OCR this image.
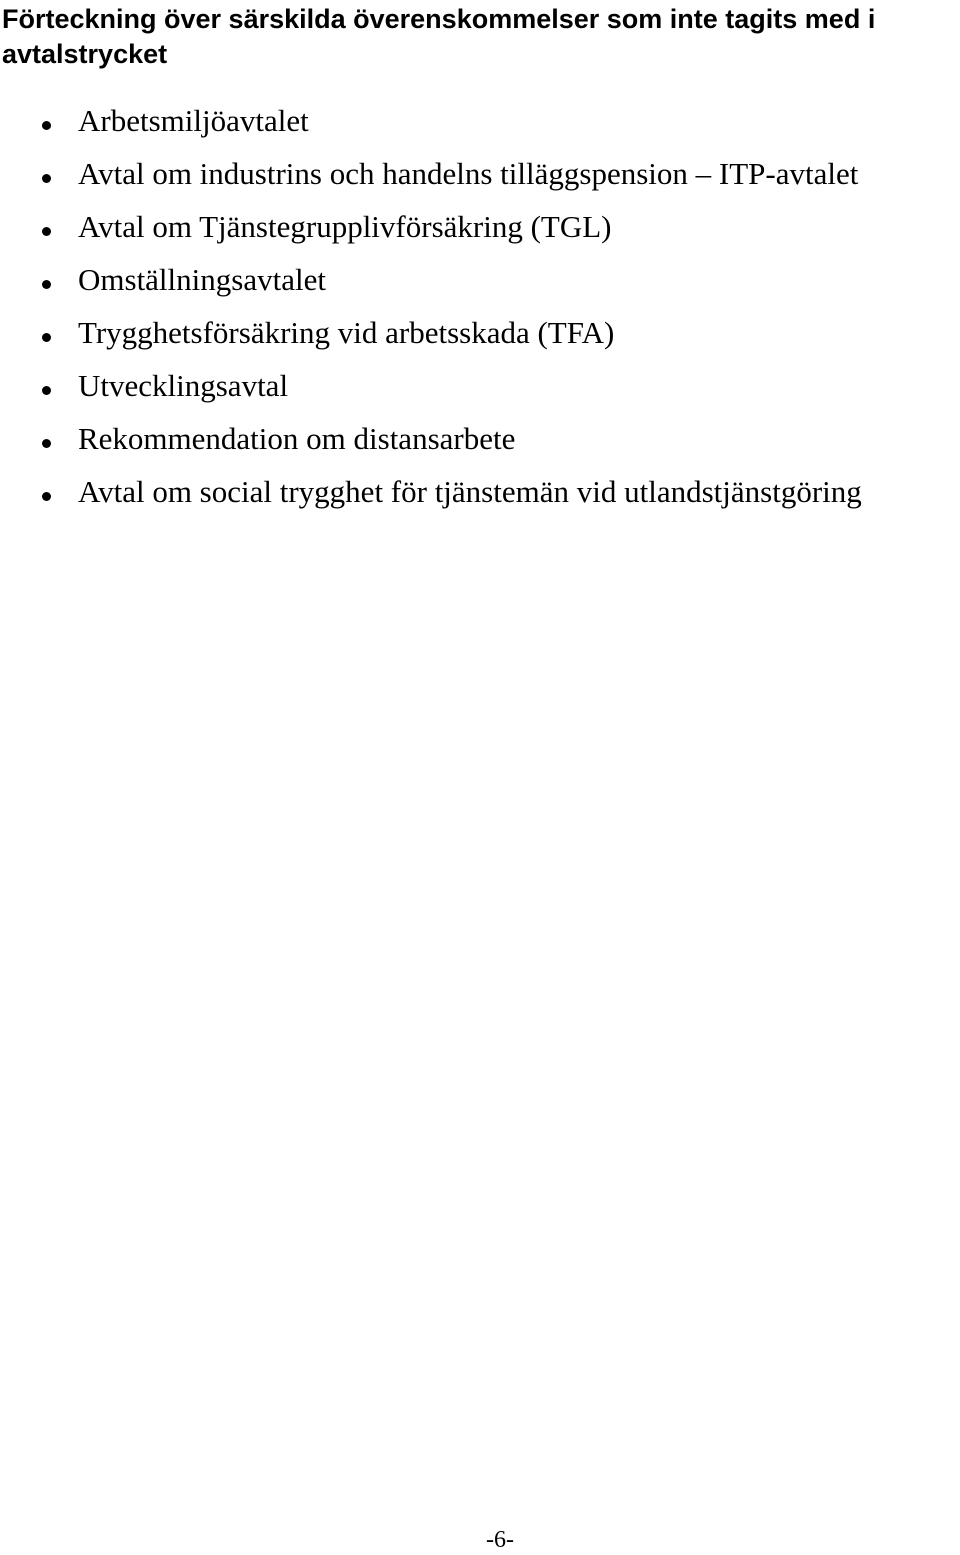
Förteckning över särskilda överenskommelser som inte tagits med i avtalstrycket
Arbetsmiljöavtalet
Avtal om industrins och handelns tilläggspension – ITP-avtalet
Avtal om Tjänstegrupplivförsäkring (TGL)
Omställningsavtalet
Trygghetsförsäkring vid arbetsskada (TFA)
Utvecklingsavtal
Rekommendation om distansarbete
Avtal om social trygghet för tjänstemän vid utlandstjänstgöring
-6-
